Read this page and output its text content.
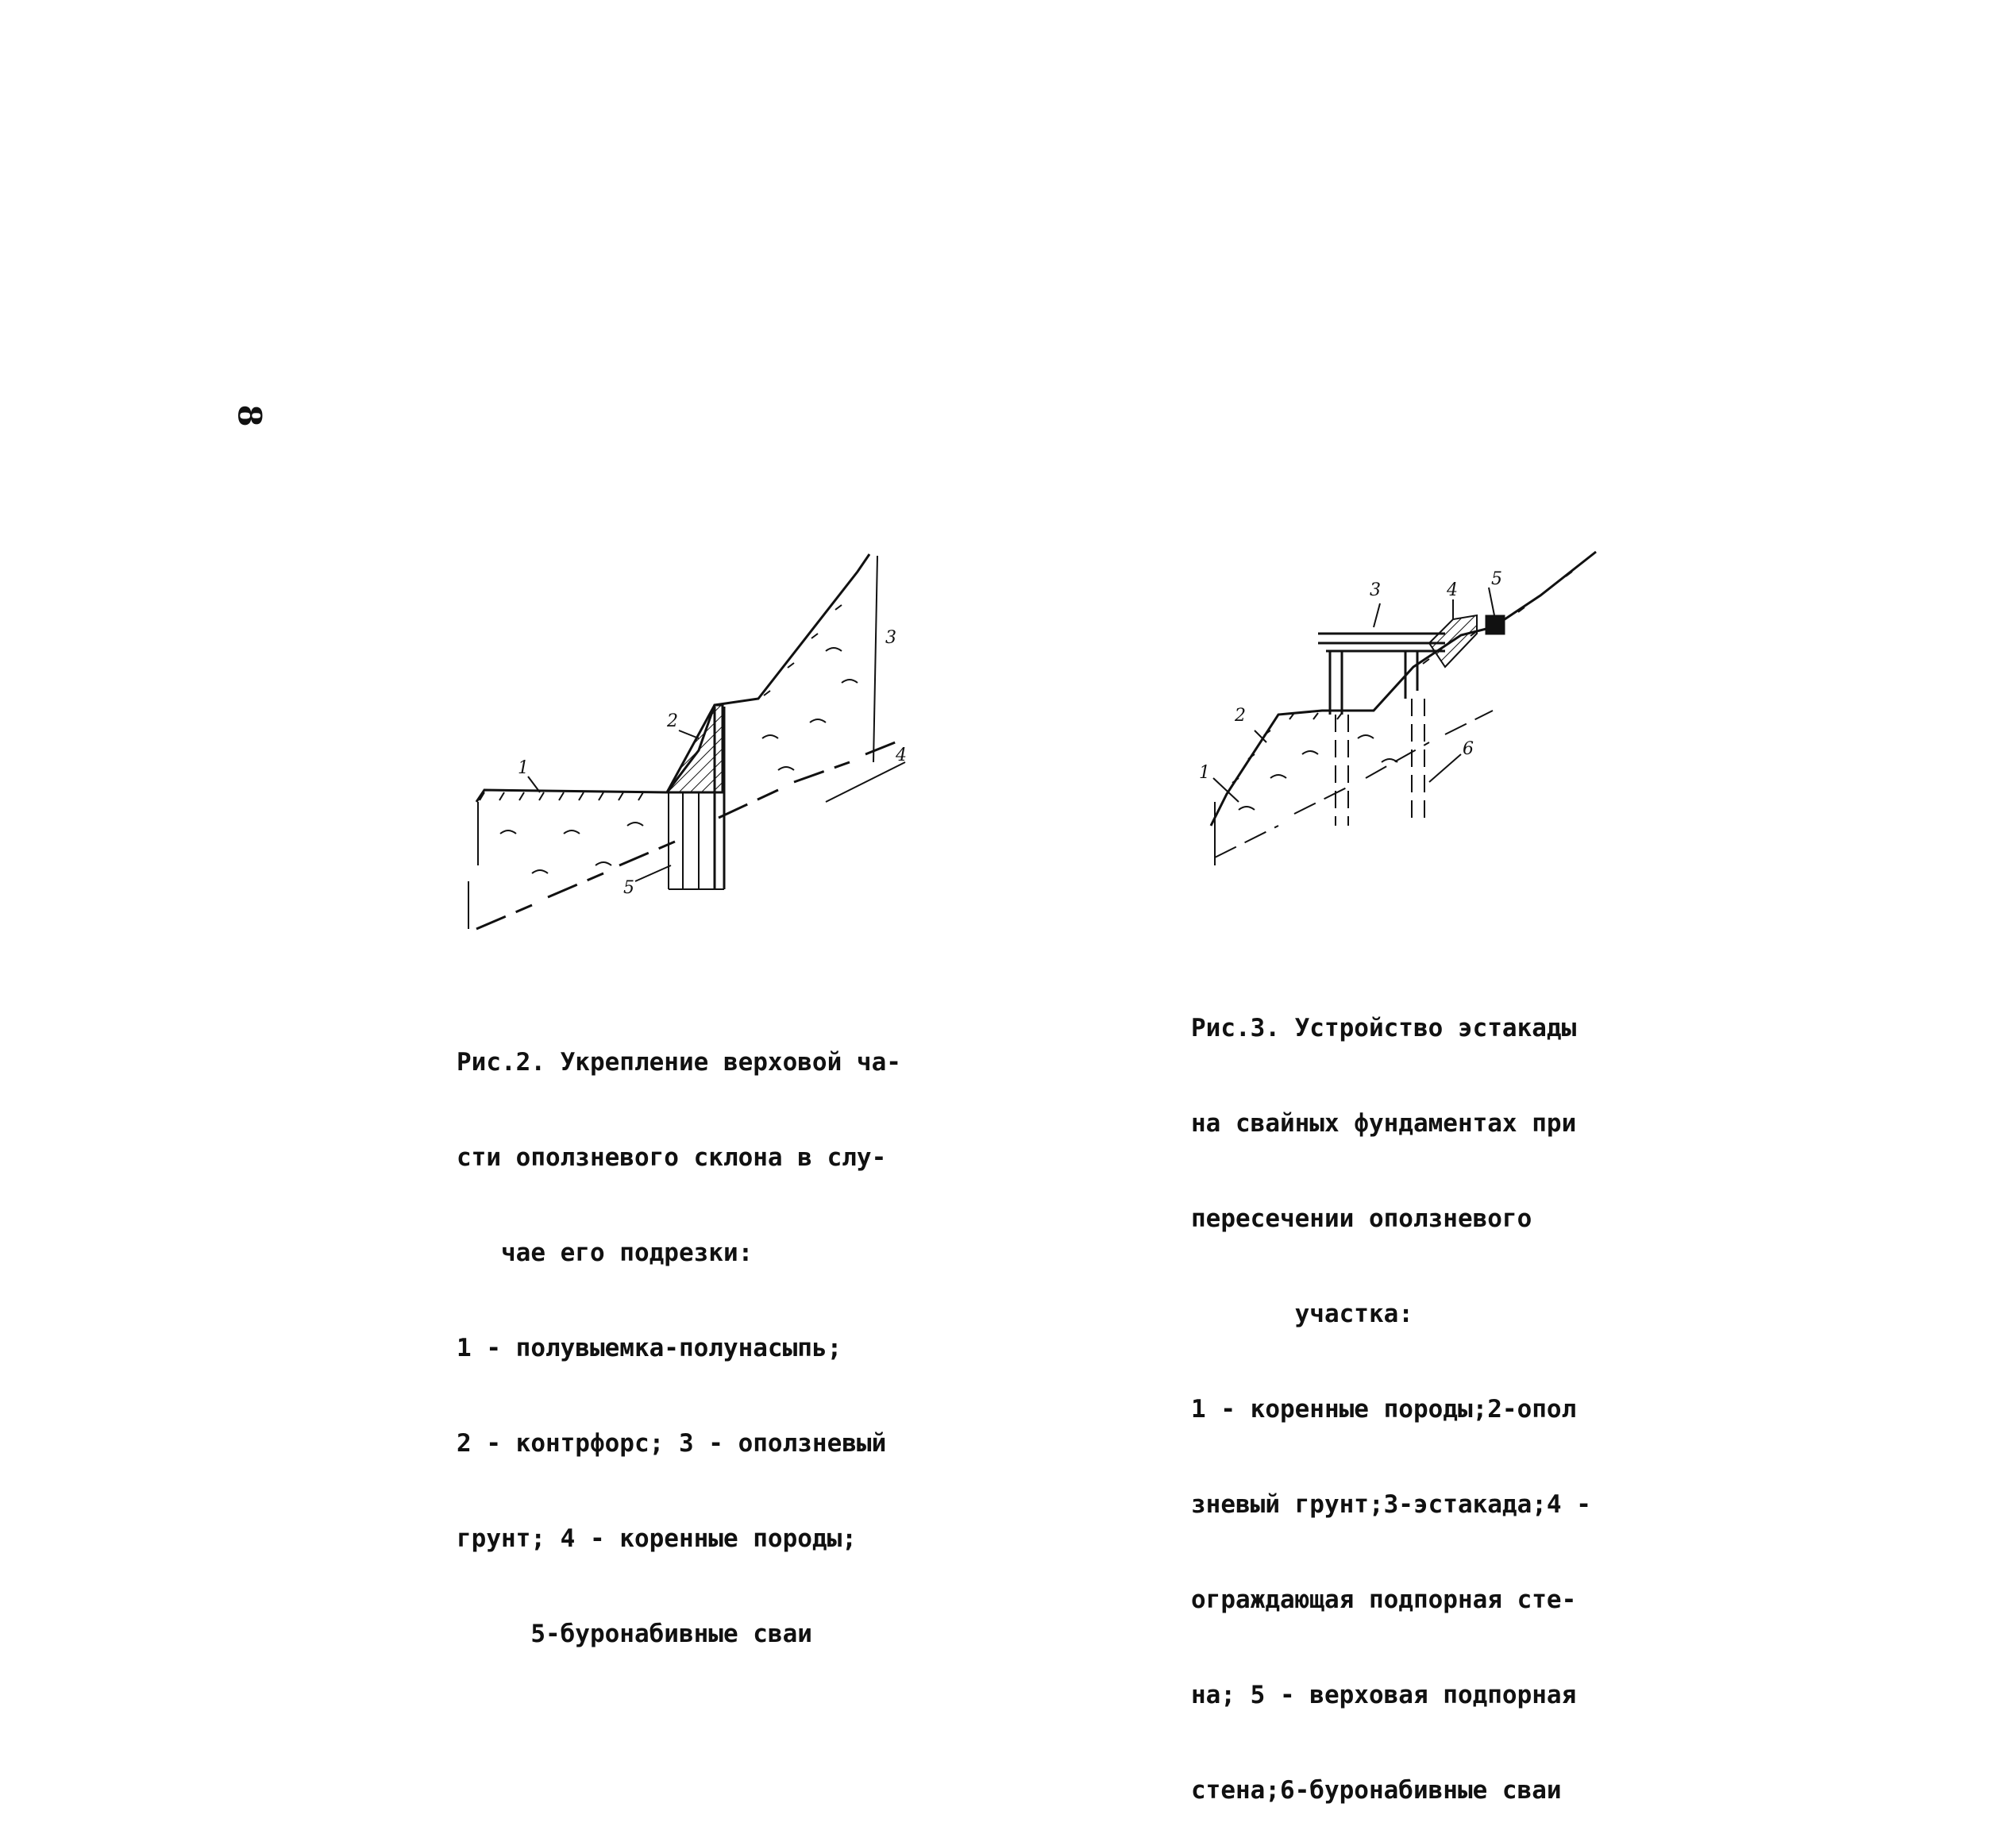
8
1
2
3
4
5

Рис.2. Укрепление верховой ча-

сти оползневого склона в слу-

чае его подрезки:

1 - полувыемка-полунасыпь;

2 - контрфорс; 3 - оползневый

грунт; 4 - коренные породы;

5-буронабивные сваи

1
2
3	4
5
6

Рис.3. Устройство эстакады

на свайных фундаментах при

пересечении оползневого

участка:

1 - коренные породы;2-опол

зневый грунт;3-эстакада;4 -

ограждающая подпорная сте-

на; 5 - верховая подпорная

стена;6-буронабивные сваи
